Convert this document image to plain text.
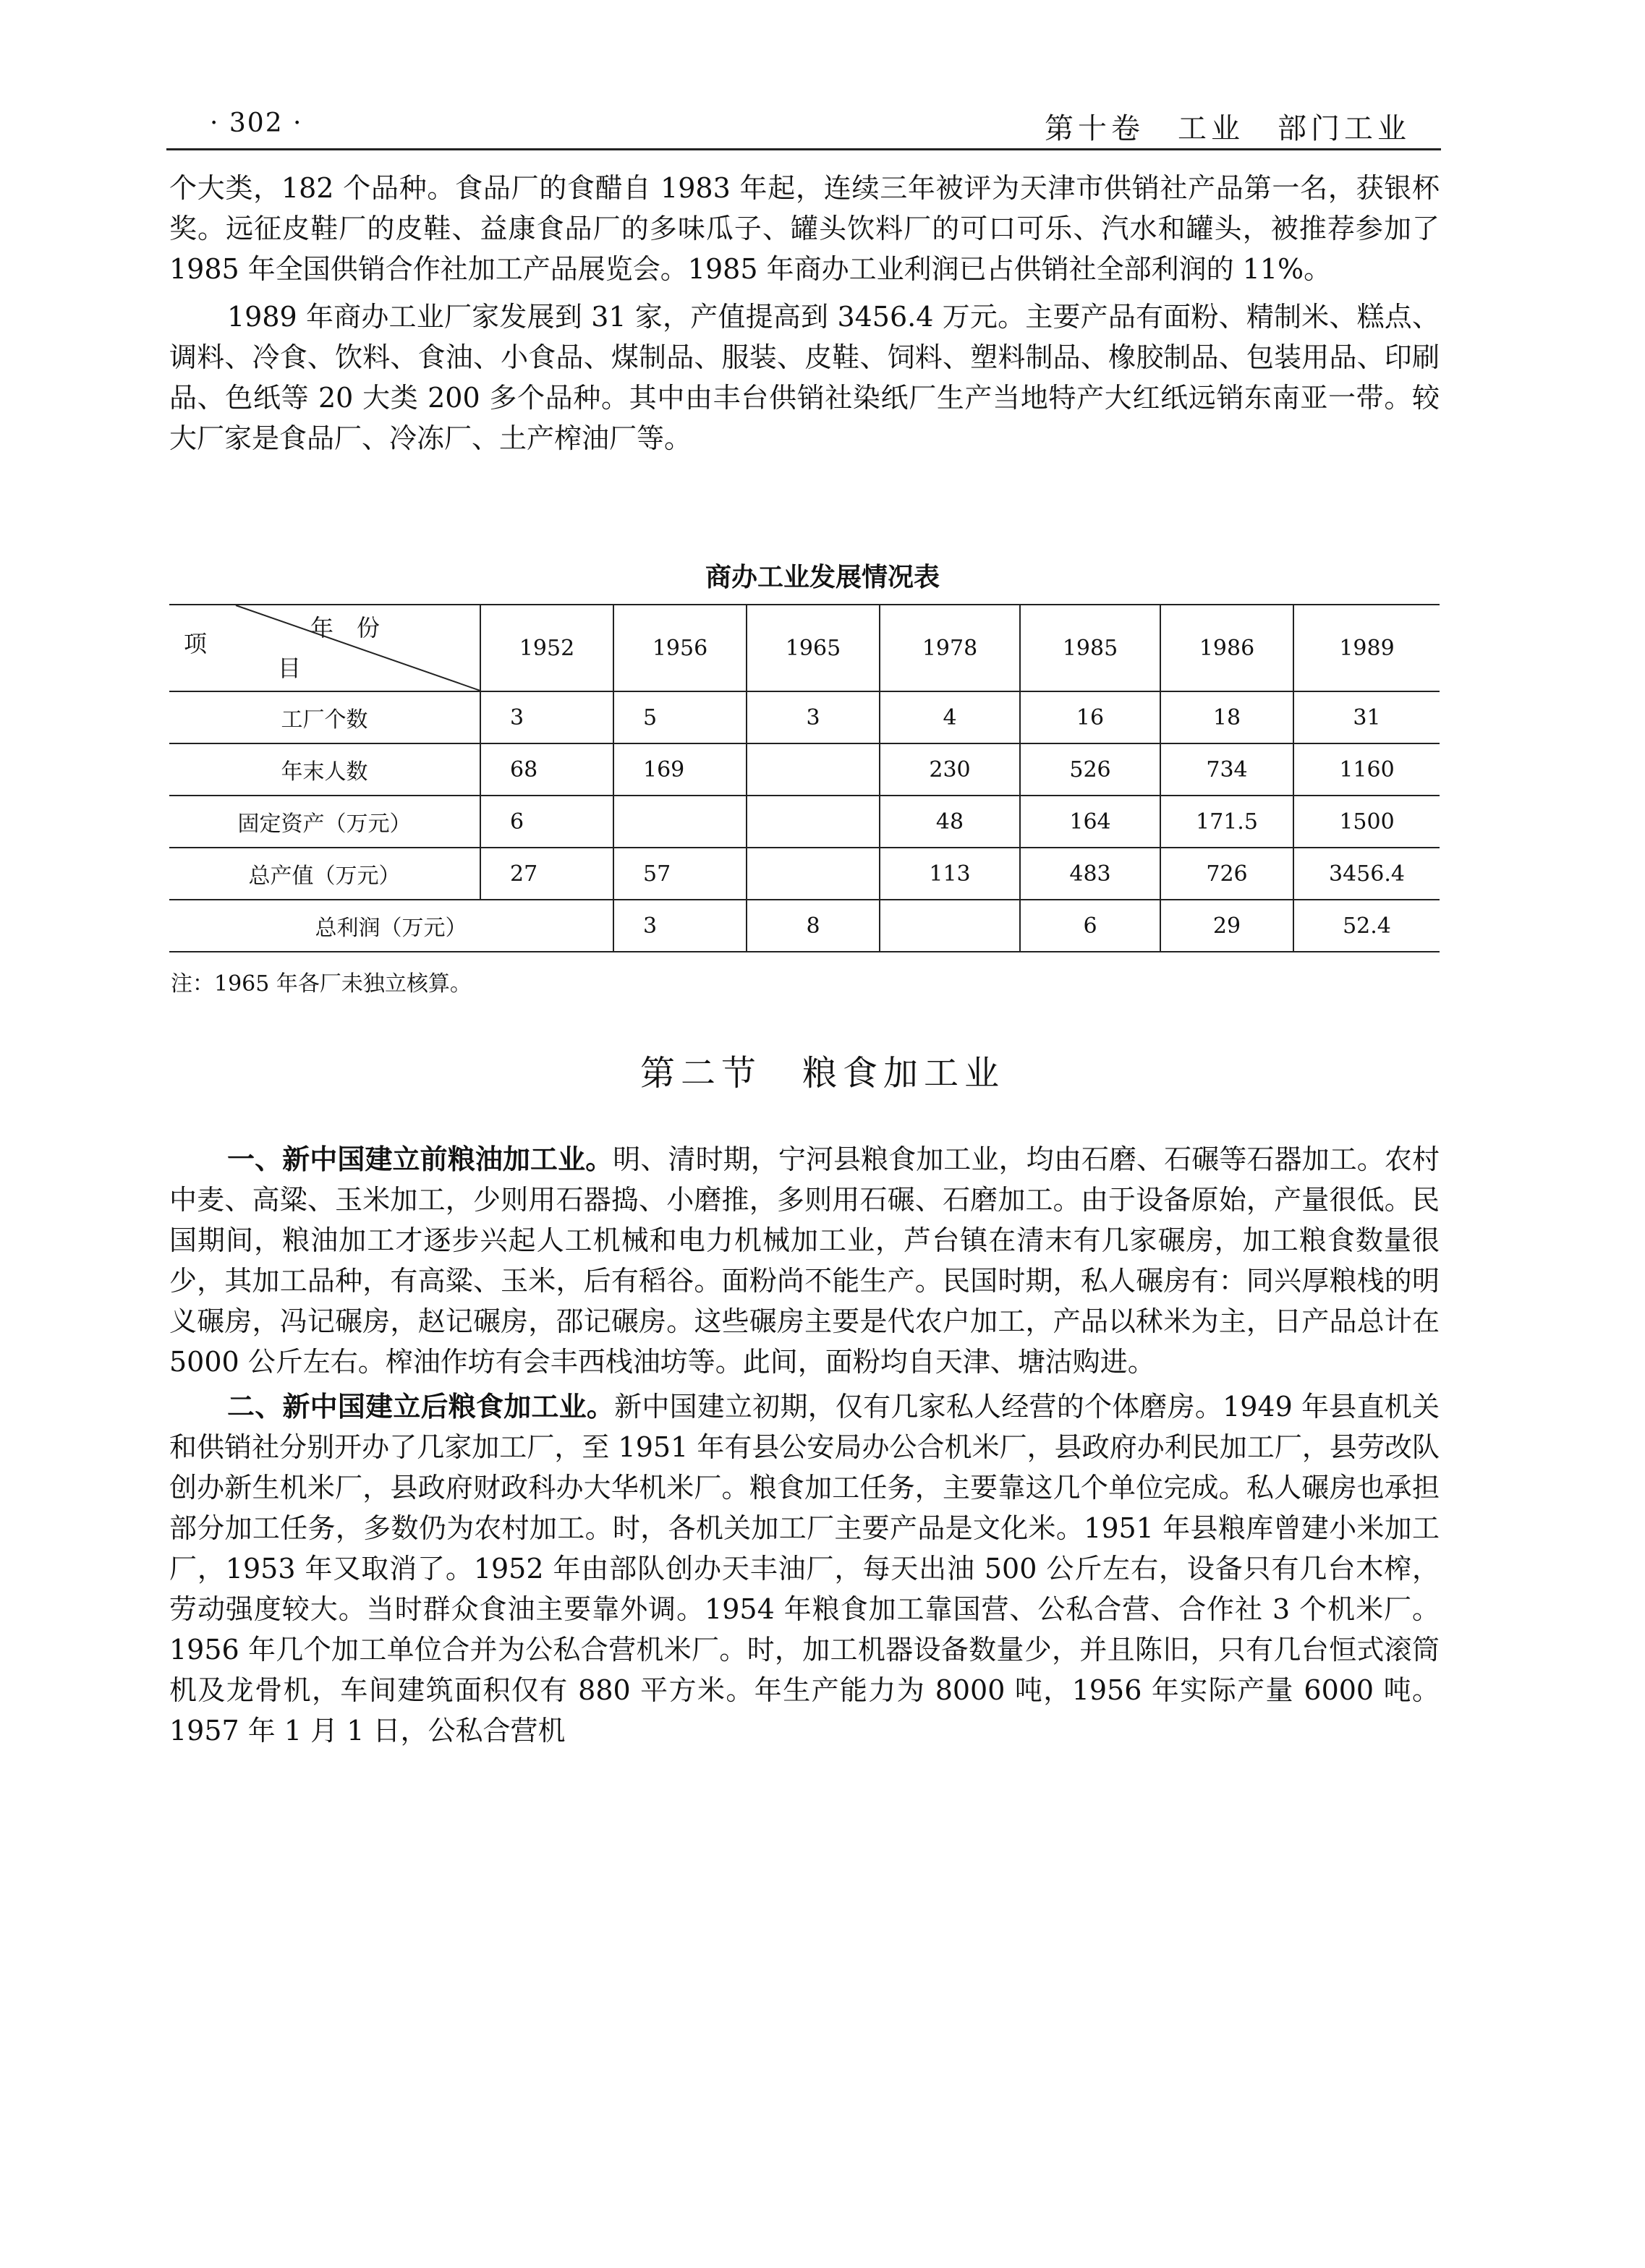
· 302 ·	第十卷　工业　部门工业

个大类，182 个品种。食品厂的食醋自 1983 年起，连续三年被评为天津市供销社产品第一名，获银杯奖。远征皮鞋厂的皮鞋、益康食品厂的多味瓜子、罐头饮料厂的可口可乐、汽水和罐头，被推荐参加了 1985 年全国供销合作社加工产品展览会。1985 年商办工业利润已占供销社全部利润的 11%。

1989 年商办工业厂家发展到 31 家，产值提高到 3456.4 万元。主要产品有面粉、精制米、糕点、调料、冷食、饮料、食油、小食品、煤制品、服装、皮鞋、饲料、塑料制品、橡胶制品、包装用品、印刷品、色纸等 20 大类 200 多个品种。其中由丰台供销社染纸厂生产当地特产大红纸远销东南亚一带。较大厂家是食品厂、冷冻厂、土产榨油厂等。

商办工业发展情况表
年　份
项
目	1952	1956	1965	1978	1985	1986	1989
工厂个数	3	5	3	4	16	18	31
年末人数	68	169		230	526	734	1160
固定资产（万元）	6			48	164	171.5	1500
总产值（万元）	27	57		113	483	726	3456.4
总利润（万元）		3	8		6	29	52.4
注：1965 年各厂未独立核算。
第二节　粮食加工业

一、新中国建立前粮油加工业。明、清时期，宁河县粮食加工业，均由石磨、石碾等石器加工。农村中麦、高粱、玉米加工，少则用石器捣、小磨推，多则用石碾、石磨加工。由于设备原始，产量很低。民国期间，粮油加工才逐步兴起人工机械和电力机械加工业，芦台镇在清末有几家碾房，加工粮食数量很少，其加工品种，有高粱、玉米，后有稻谷。面粉尚不能生产。民国时期，私人碾房有：同兴厚粮栈的明义碾房，冯记碾房，赵记碾房，邵记碾房。这些碾房主要是代农户加工，产品以秫米为主，日产品总计在 5000 公斤左右。榨油作坊有会丰西栈油坊等。此间，面粉均自天津、塘沽购进。

二、新中国建立后粮食加工业。新中国建立初期，仅有几家私人经营的个体磨房。1949 年县直机关和供销社分别开办了几家加工厂，至 1951 年有县公安局办公合机米厂，县政府办利民加工厂，县劳改队创办新生机米厂，县政府财政科办大华机米厂。粮食加工任务，主要靠这几个单位完成。私人碾房也承担部分加工任务，多数仍为农村加工。时，各机关加工厂主要产品是文化米。1951 年县粮库曾建小米加工厂，1953 年又取消了。1952 年由部队创办天丰油厂，每天出油 500 公斤左右，设备只有几台木榨，劳动强度较大。当时群众食油主要靠外调。1954 年粮食加工靠国营、公私合营、合作社 3 个机米厂。1956 年几个加工单位合并为公私合营机米厂。时，加工机器设备数量少，并且陈旧，只有几台恒式滚筒机及龙骨机，车间建筑面积仅有 880 平方米。年生产能力为 8000 吨，1956 年实际产量 6000 吨。1957 年 1 月 1 日，公私合营机
